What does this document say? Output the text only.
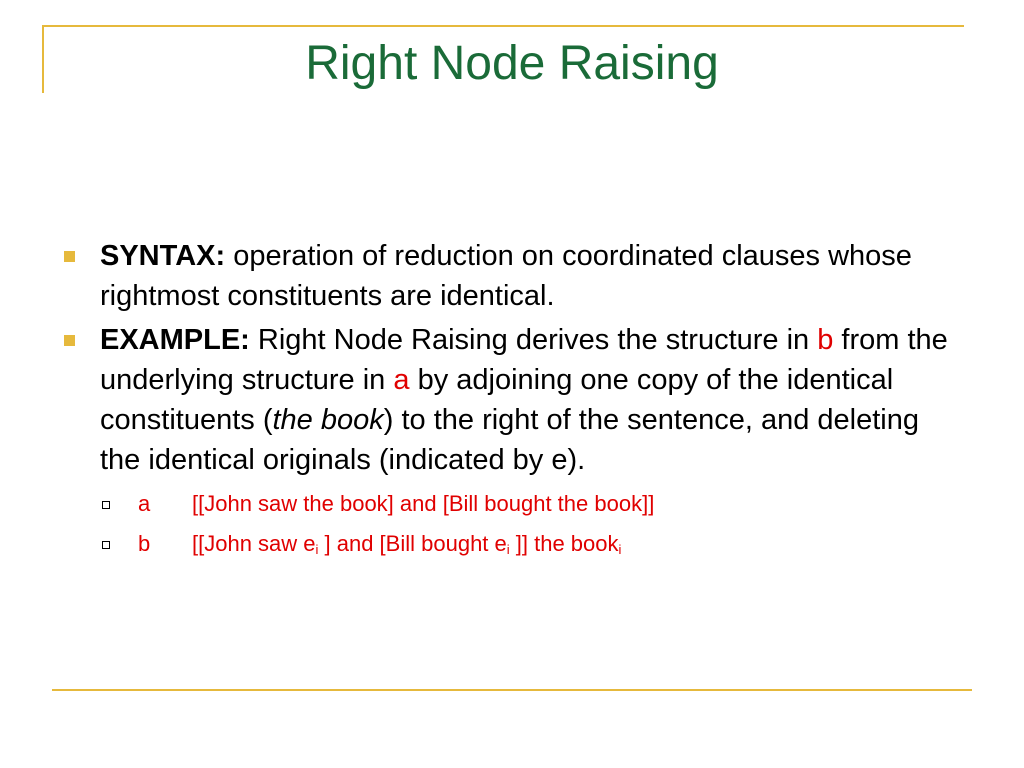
Right Node Raising
SYNTAX: operation of reduction on coordinated clauses whose rightmost constituents are identical.
EXAMPLE: Right Node Raising derives the structure in b from the underlying structure in a by adjoining one copy of the identical constituents (the book) to the right of the sentence, and deleting the identical originals (indicated by e).
a [[John saw the book] and [Bill bought the book]]
b [[John saw $e_i$ ] and [Bill bought $e_i$ ]] the book$_i$
